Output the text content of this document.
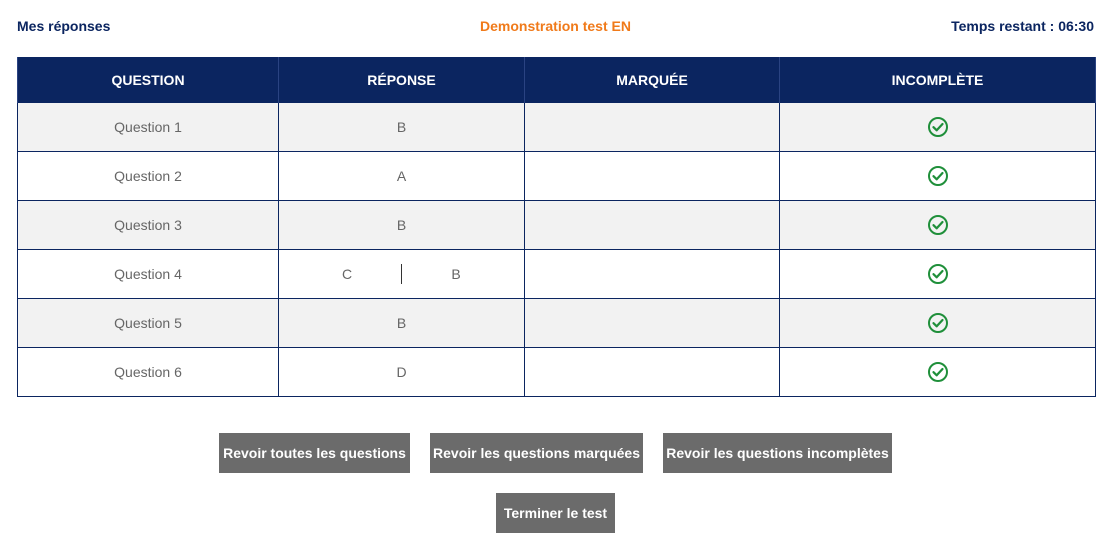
Mes réponses	Demonstration test EN	Temps restant : 06:30
QUESTION	RÉPONSE	MARQUÉE	INCOMPLÈTE
Question 1	B		
Question 2	A		
Question 3	B		
Question 4	C B

Question 5	B		
Question 6	D		
Revoir toutes les questions Revoir les questions marquées Revoir les questions incomplètes
Terminer le test
